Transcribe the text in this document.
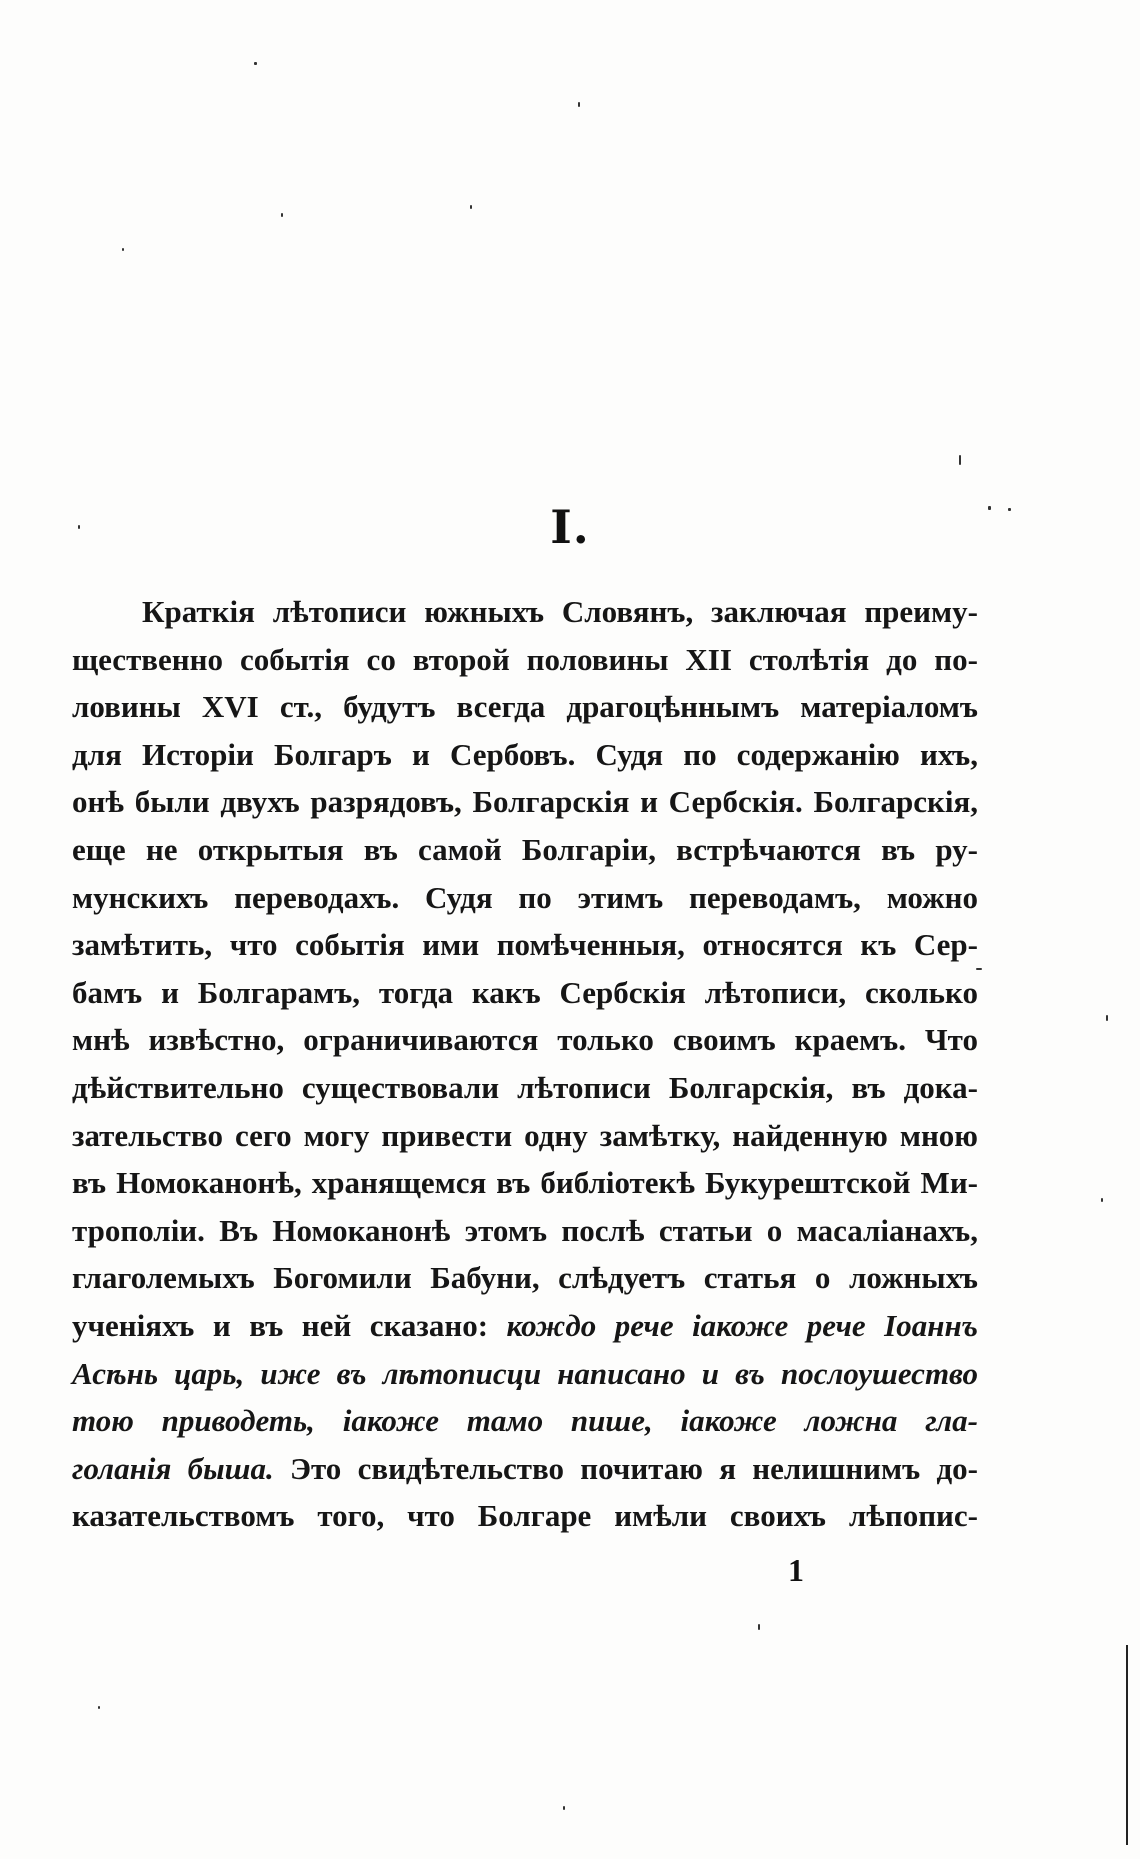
I.
Краткія лѣтописи южныхъ Словянъ, заключая преиму-
щественно событія со второй половины XII столѣтія до по-
ловины XVI ст., будутъ всегда драгоцѣннымъ матеріаломъ
для Исторіи Болгаръ и Сербовъ. Судя по содержанію ихъ,
онѣ были двухъ разрядовъ, Болгарскія и Сербскія. Болгарскія,
еще не открытыя въ самой Болгаріи, встрѣчаются въ ру-
мунскихъ переводахъ. Судя по этимъ переводамъ, можно
замѣтить, что событія ими помѣченныя, относятся къ Сер-
бамъ и Болгарамъ, тогда какъ Сербскія лѣтописи, сколько
мнѣ извѣстно, ограничиваются только своимъ краемъ. Что
дѣйствительно существовали лѣтописи Болгарскія, въ дока-
зательство сего могу привести одну замѣтку, найденную мною
въ Номоканонѣ, хранящемся въ библіотекѣ Букурештской Ми-
трополіи. Въ Номоканонѣ этомъ послѣ статьи о масаліанахъ,
глаголемыхъ Богомили Бабуни, слѣдуетъ статья о ложныхъ
ученіяхъ и въ ней сказано: кождо рече іакоже рече Іоаннъ
Асѣнь царь, иже въ лѣтописци написано и въ послоушество
тою приводеть, іакоже тамо пише, іакоже ложна гла-
голанія быша. Это свидѣтельство почитаю я нелишнимъ до-
казательствомъ того, что Болгаре имѣли своихъ лѣпопис-
1
